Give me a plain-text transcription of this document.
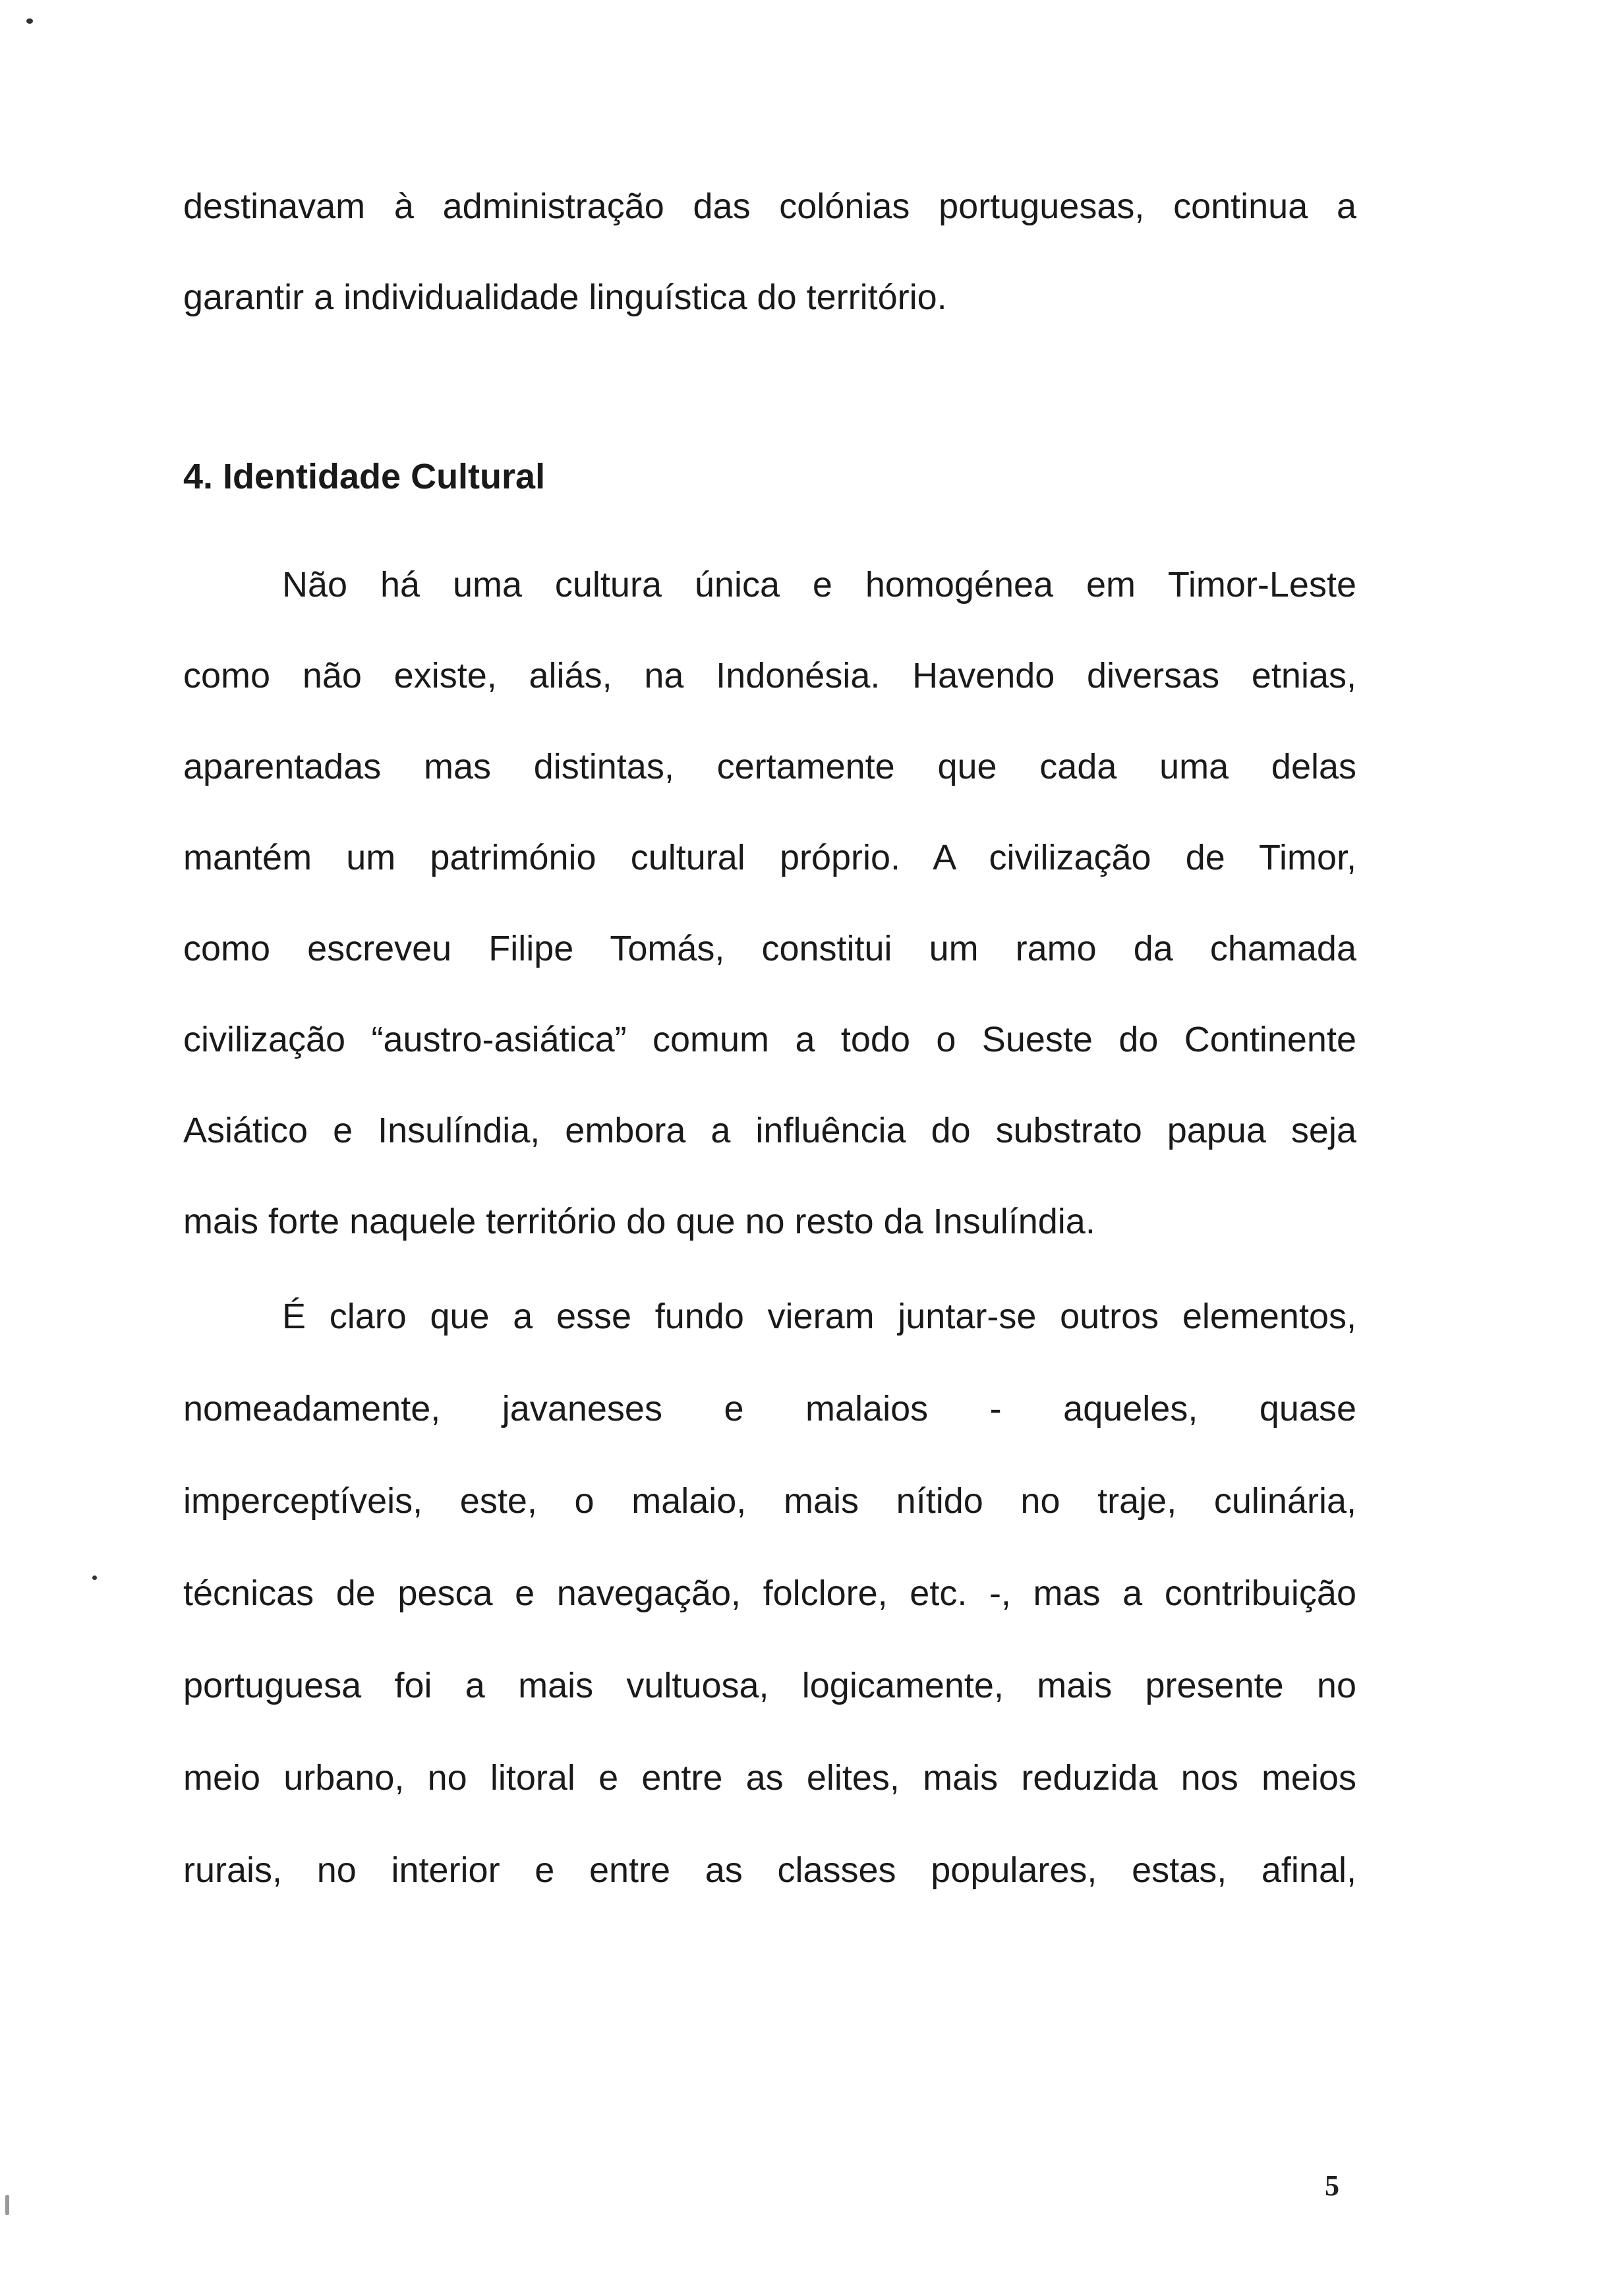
destinavam à administração das colónias portuguesas, continua a
garantir a individualidade linguística do território.
4. Identidade Cultural
Não há uma cultura única e homogénea em Timor-Leste
como não existe, aliás, na Indonésia. Havendo diversas etnias,
aparentadas mas distintas, certamente que cada uma delas
mantém um património cultural próprio. A civilização de Timor,
como escreveu Filipe Tomás, constitui um ramo da chamada
civilização “austro-asiática” comum a todo o Sueste do Continente
Asiático e Insulíndia, embora a influência do substrato papua seja
mais forte naquele território do que no resto da Insulíndia.
É claro que a esse fundo vieram juntar-se outros elementos,
nomeadamente, javaneses e malaios - aqueles, quase
imperceptíveis, este, o malaio, mais nítido no traje, culinária,
técnicas de pesca e navegação, folclore, etc. -, mas a contribuição
portuguesa foi a mais vultuosa, logicamente, mais presente no
meio urbano, no litoral e entre as elites, mais reduzida nos meios
rurais, no interior e entre as classes populares, estas, afinal,
5
